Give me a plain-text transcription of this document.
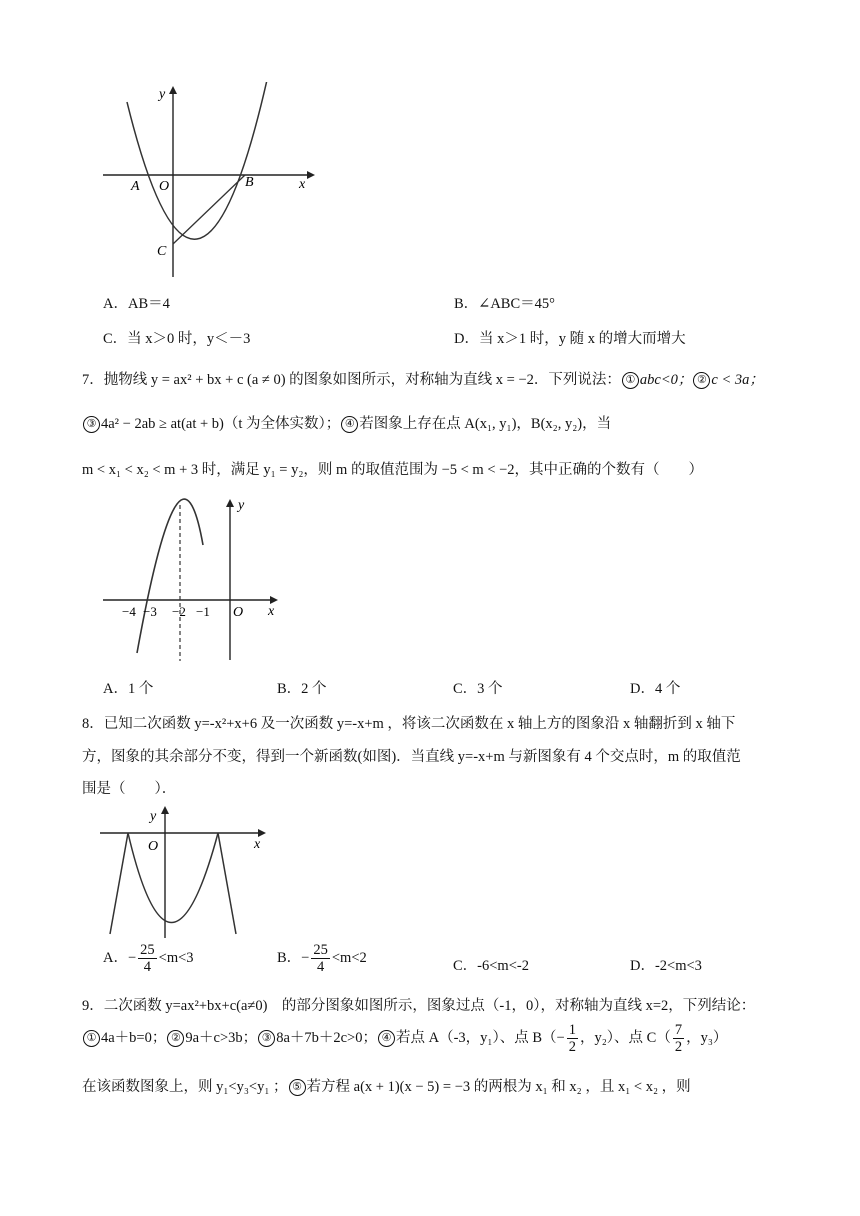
y
x
A O	B
C
A．AB＝4	B．∠ABC＝45°
C．当 x＞0 时，y＜－3	D．当 x＞1 时，y 随 x 的增大而增大
7．抛物线 y = ax² + bx + c (a ≠ 0) 的图象如图所示，对称轴为直线 x = −2．下列说法： ① abc<0； ② c < 3a；
③ 4a² − 2ab ≥ at(at + b)（t 为全体实数）； ④ 若图象上存在点 A(x₁, y₁)，B(x₂, y₂)，当
m < x₁ < x₂ < m + 3 时，满足 y₁ = y₂，则 m 的取值范围为 −5 < m < −2，其中正确的个数有（　　）
y
x
−4 −3 −2 −1 O
A．1 个	B．2 个	C．3 个	D．4 个
8．已知二次函数 y=-x²+x+6 及一次函数 y=-x+m ，将该二次函数在 x 轴上方的图象沿 x 轴翻折到 x 轴下
方，图象的其余部分不变，得到一个新函数(如图)．当直线 y=-x+m 与新图象有 4 个交点时，m 的取值范
围是（　　）．
y
x
O
A．− $\frac{25}{4} <m<3$	B．− $\frac{25}{4} <m<2$
C．-6<m<-2	D．-2<m<3
9．二次函数 y=ax²+bx+c(a≠0)　的部分图象如图所示，图象过点（-1，0），对称轴为直线 x=2，下列结论：
① 4a＋b=0； ② 9a＋c>3b； ③ 8a＋7b＋2c>0； ④ 若点 A（-3，y₁）、点 $B(- \frac{1}{2}$ ，y₂）、点 $C( \frac{7}{2}$ ，y₃）
在该函数图象上，则 y₁<y₃<y₁ ； ⑤ 若方程 a(x + 1)(x − 5) = −3 的两根为 x₁ 和 x₂ ，且 x₁ < x₂ ，则
